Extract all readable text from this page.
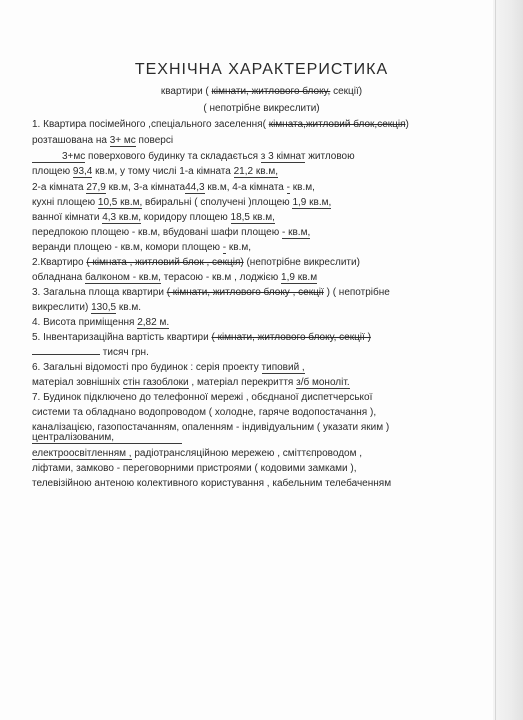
ТЕХНІЧНА ХАРАКТЕРИСТИКА
квартири ( кімнати, житлового блоку, секції)
( непотрібне викреслити)
1. Квартира посімейного ,спеціального заселення( кімната,житловий блок,секція)
розташована на 3+ мс поверсі
3+мс поверхового будинку та складається з 3 кімнат житловою
площею 93,4 кв.м, у тому числі 1-а кімната 21,2 кв.м,
2-а кімната 27,9 кв.м, 3-а кімната44,3 кв.м, 4-а кімната - кв.м,
кухні площею 10,5 кв.м, вбиральні ( сполучені )площею 1,9 кв.м,
ванної кімнати 4,3 кв.м, коридору площею 18,5 кв.м,
передпокою площею - кв.м, вбудовані шафи площею - кв.м,
веранди площею - кв.м, комори площею - кв.м,
2.Квартиро ( кімната , житловий блок , секція) (непотрібне викреслити)
обладнана балконом - кв.м, терасою - кв.м , лоджією 1,9 кв.м
3. Загальна площа квартири ( кімнати, житлового блоку , секції ) ( непотрібне
викреслити) 130,5 кв.м.
4. Висота приміщення 2,82 м.
5. Інвентаризаційна вартість квартири ( кімнати, житлового блоку, секції )
тисяч грн.
6. Загальні відомості про будинок : серія проекту типовий ,
матеріал зовнішніх стін газоблоки , матеріал перекриття з/б моноліт.
7. Будинок підключено до телефонної мережі , обєднаної диспетчерської
системи та обладнано водопроводом ( холодне, гаряче водопостачання ),
каналізацією, газопостачанням, опаленням - індивідуальним ( указати яким )
централізованим,
електроосвітленням , радіотрансляційною мережею , сміттєпроводом ,
ліфтами, замково - переговорними пристроями ( кодовими замками ),
телевізійною антеною колективного користування , кабельним телебаченням
